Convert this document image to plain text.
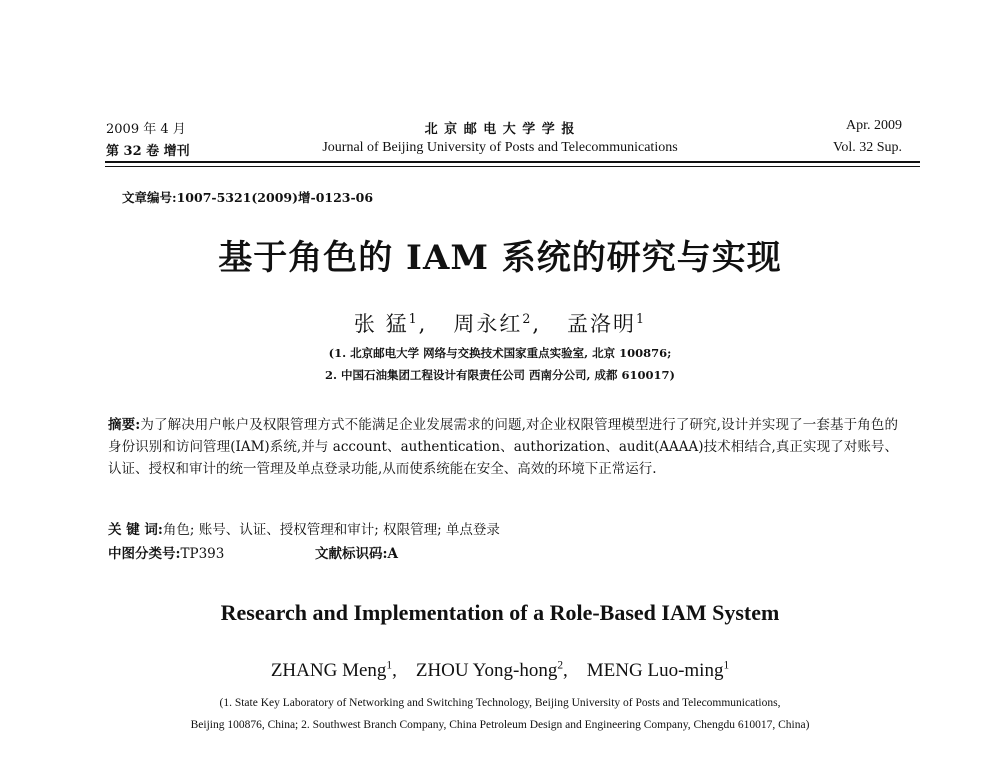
2009 年 4 月
第 32 卷 增刊
北 京 邮 电 大 学 学 报
Journal of Beijing University of Posts and Telecommunications
Apr. 2009
Vol. 32 Sup.
文章编号:1007-5321(2009)增-0123-06
基于角色的 IAM 系统的研究与实现
张 猛$^1$,   周永红$^2$,   孟洛明$^1$
(1. 北京邮电大学 网络与交换技术国家重点实验室, 北京 100876;
2. 中国石油集团工程设计有限责任公司 西南分公司, 成都 610017)
摘要:为了解决用户帐户及权限管理方式不能满足企业发展需求的问题,对企业权限管理模型进行了研究,设计并实现了一套基于角色的身份识别和访问管理(IAM)系统,并与 account、authentication、authorization、audit(AAAA)技术相结合,真正实现了对账号、认证、授权和审计的统一管理及单点登录功能,从而使系统能在安全、高效的环境下正常运行.
关 键 词:角色; 账号、认证、授权管理和审计; 权限管理; 单点登录
中图分类号:TP393	文献标识码:A
Research and Implementation of a Role-Based IAM System
ZHANG Meng$^1$, ZHOU Yong-hong$^2$, MENG Luo-ming$^1$
(1. State Key Laboratory of Networking and Switching Technology, Beijing University of Posts and Telecommunications,
Beijing 100876, China; 2. Southwest Branch Company, China Petroleum Design and Engineering Company, Chengdu 610017, China)
